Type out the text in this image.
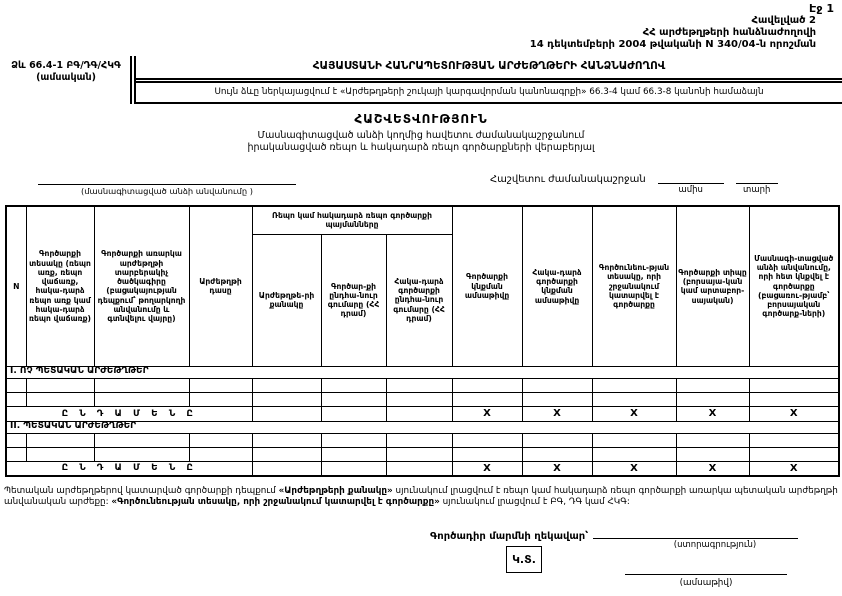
Էջ 1
Հավելված 2
ՀՀ արժեթղթերի հանձնաժողովի
14 դեկտեմբերի 2004 թվականի N 340/04-ն որոշման
Ձև 66.4-1 ԲԳ/ԴԳ/ՀԿԳ
(ամսական)
ՀԱՅԱՍՏԱՆԻ ՀԱՆՐԱՊԵՏՈՒԹՅԱՆ ԱՐԺԵԹՂԹԵՐԻ ՀԱՆՁՆԱԺՈՂՈՎ
Սույն ձևը ներկայացվում է «Արժեթղթերի շուկայի կարգավորման կանոնագրքի» 66.3-4 կամ 66.3-8 կանոնի համաձայն
ՀԱՇՎԵՏՎՈՒԹՅՈՒՆ
Մասնագիտացված անձի կողմից հավետու ժամանակաշրջանում
իրականացված ռեպո և հակադարձ ռեպո գործարքների վերաբերյալ
(մասնագիտացված անձի անվանումը )
Հաշվետու ժամանակաշրջան
ամիս	տարի
N	Գործարքի տեսակը (ռեպո առք, ռեպո վաճառք, հակա-դարձ ռեպո առք կամ հակա-դարձ ռեպո վաճառք)	Գործարքի առարկա արժեթղթի տարբերակիչ ծածկագիրը (բացակայության դեպքում՝ թողարկողի անվանումը և գտնվելու վայրը)	Արժեթղթի դասը	Ռեպո կամ հակադարձ ռեպո գործարքի պայմանները			Գործարքի կնքման ամսաթիվը	Հակա-դարձ գործարքի կնքման ամսաթիվը	Գործունեու-թյան տեսակը, որի շրջանակում կատարվել է գործարքը	Գործարքի տիպը (բորսայա-կան կամ արտաբոր-սայական)	Մասնագի-տացված անձի անվանումը, որի հետ կնքվել է գործարքը (բացառու-թյամբ՝ բորսայական գործարք-ների)
				Արժեթղթե-րի քանակը	Գործար-քի ընդհա-նուր գումարը (ՀՀ դրամ)	Հակա-դարձ գործարքի ընդհա-նուր գումարը (ՀՀ դրամ)					
I. ՈՉ ՊԵՏԱԿԱՆ ԱՐԺԵԹՂԹԵՐ											

Ը Ն Դ Ա Մ Ե Ն Ը							X	X	X	X	X
II. ՊԵՏԱԿԱՆ ԱՐԺԵԹՂԹԵՐ											

Ը Ն Դ Ա Մ Ե Ն Ը							X	X	X	X	X
Պետական արժեթղթերով կատարված գործարքի դեպքում «Արժեթղթերի քանակը» սյունակում լրացվում է ռեպո կամ հակադարձ ռեպո գործարքի առարկա պետական արժեթղթի անվանական արժեքը: «Գործունեության տեսակը, որի շրջանակում կատարվել է գործարքը» սյունակում լրացվում է ԲԳ, ԴԳ կամ ՀԿԳ:
Գործադիր մարմնի ղեկավար՝
(ստորագրություն)
Կ.Տ.
(ամսաթիվ)
